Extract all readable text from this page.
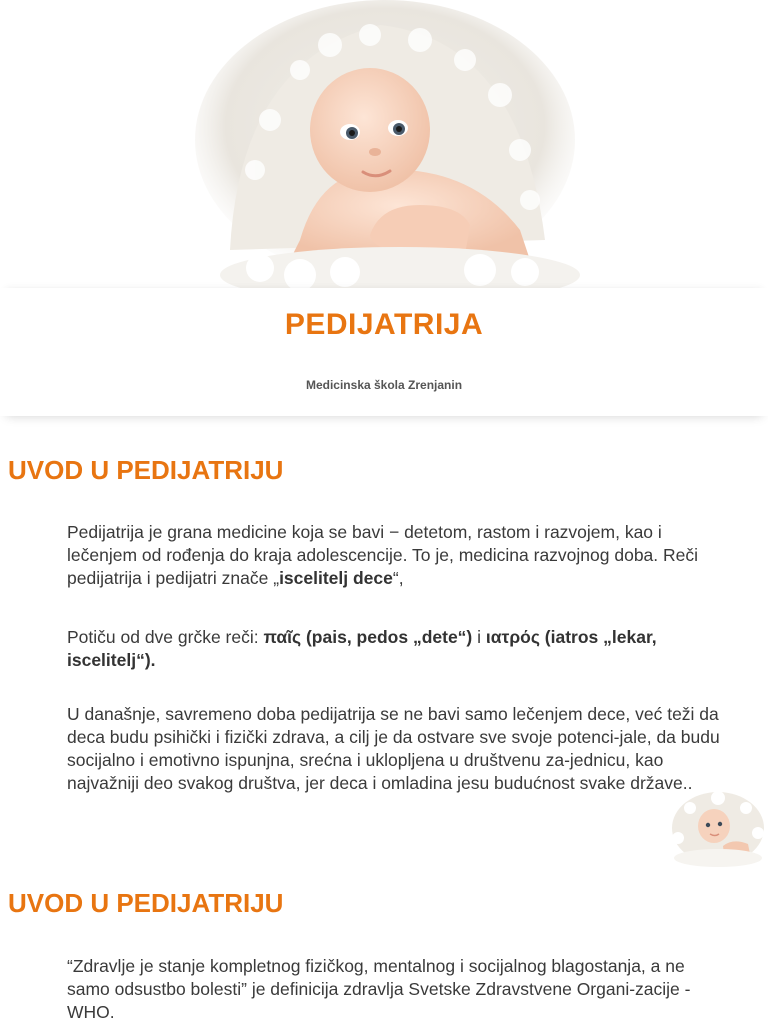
PEDIJATRIJA
Medicinska škola Zrenjanin
UVOD U PEDIJATRIJU
Pedijatrija je grana medicine koja se bavi − detetom, rastom i razvojem, kao i lečenjem od rođenja do kraja adolescencije. To je, medicina razvojnog doba. Reči pedijatrija i pedijatri znače „iscelitelj dece“,
Potiču od dve grčke reči: παῖς (pais, pedos „dete“) i ιατρός (iatros „lekar, iscelitelj“).
U današnje, savremeno doba pedijatrija se ne bavi samo lečenjem dece, već teži da deca budu psihički i fizički zdrava, a cilj je da ostvare sve svoje potenci-jale, da budu socijalno i emotivno ispunjna, srećna i uklopljena u društvenu za-jednicu, kao najvažniji deo svakog društva, jer deca i omladina jesu budućnost svake države..
UVOD U PEDIJATRIJU
“Zdravlje je stanje kompletnog fizičkog, mentalnog i socijalnog blagostanja, a ne samo odsustbo bolesti” je definicija zdravlja Svetske Zdravstvene Organi-zacije -WHO.
